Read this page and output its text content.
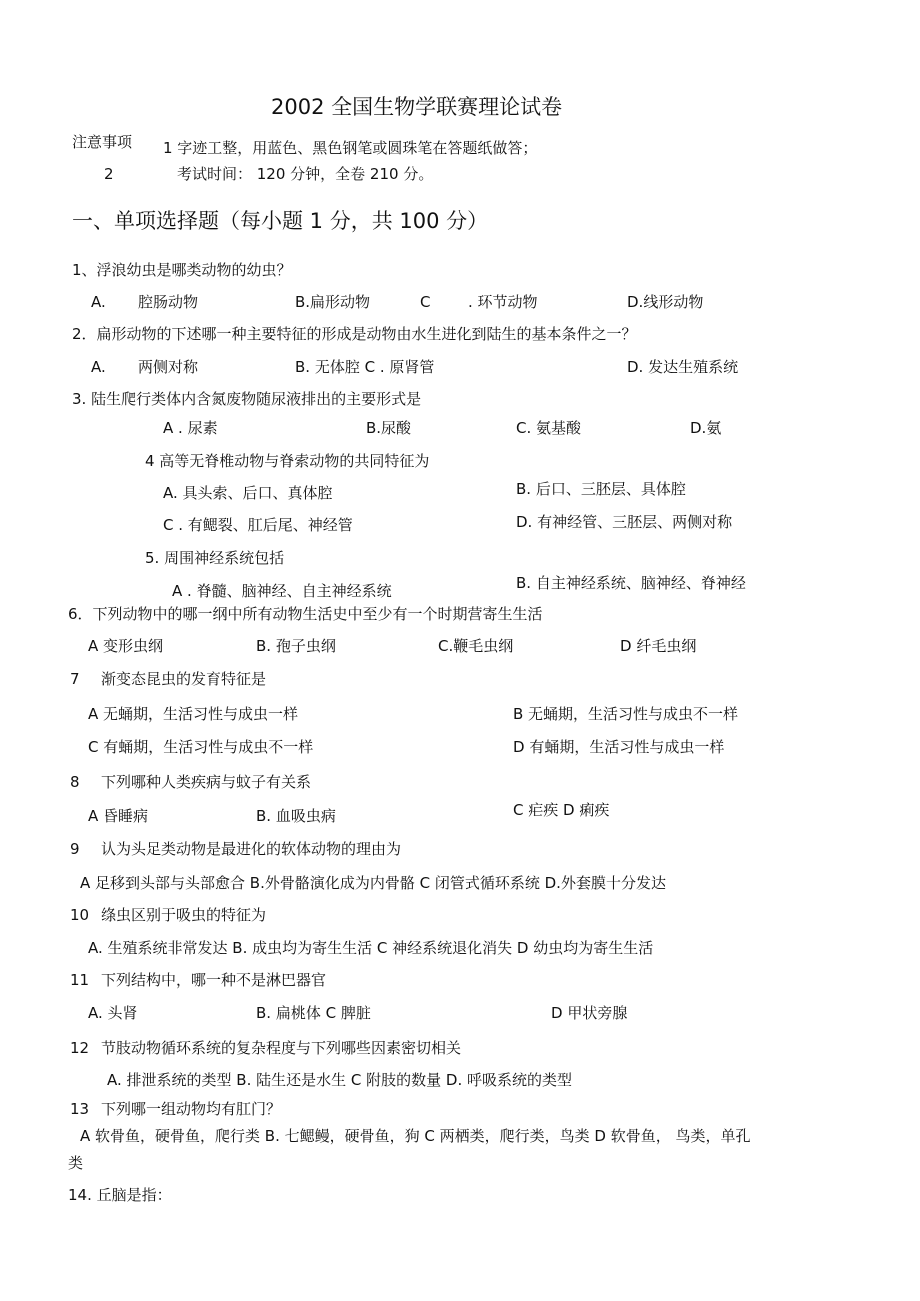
2002 全国生物学联赛理论试卷
注意事项 1 字迹工整，用蓝色、黑色钢笔或圆珠笔在答题纸做答；
2	考试时间： 120 分钟，全卷 210 分。
一、单项选择题（每小题 1 分，共 100 分）
1、浮浪幼虫是哪类动物的幼虫？
A. 腔肠动物	B.扁形动物	C	. 环节动物	D.线形动物
2．扁形动物的下述哪一种主要特征的形成是动物由水生进化到陆生的基本条件之一？
A. 两侧对称	B. 无体腔 C . 原肾管	D. 发达生殖系统
3. 陆生爬行类体内含氮废物随尿液排出的主要形式是
A . 尿素	B.尿酸	C. 氨基酸	D.氨
4 高等无脊椎动物与脊索动物的共同特征为
A. 具头索、后口、真体腔	B. 后口、三胚层、具体腔
C . 有鳃裂、肛后尾、神经管	D. 有神经管、三胚层、两侧对称
5. 周围神经系统包括
A . 脊髓、脑神经、自主神经系统	B. 自主神经系统、脑神经、脊神经
6．下列动物中的哪一纲中所有动物生活史中至少有一个时期营寄生生活
A 变形虫纲	B. 孢子虫纲	C.鞭毛虫纲	D 纤毛虫纲
7 渐变态昆虫的发育特征是
A 无蛹期，生活习性与成虫一样	B 无蛹期，生活习性与成虫不一样
C 有蛹期，生活习性与成虫不一样	D 有蛹期，生活习性与成虫一样
8 下列哪种人类疾病与蚊子有关系
A 昏睡病	B. 血吸虫病	C 疟疾 D 痢疾
9 认为头足类动物是最进化的软体动物的理由为
A 足移到头部与头部愈合 B.外骨骼演化成为内骨骼 C 闭管式循环系统 D.外套膜十分发达
10 绦虫区别于吸虫的特征为
A. 生殖系统非常发达 B. 成虫均为寄生生活 C 神经系统退化消失 D 幼虫均为寄生生活
11 下列结构中，哪一种不是淋巴器官
A. 头肾	B. 扁桃体 C 脾脏	D 甲状旁腺
12 节肢动物循环系统的复杂程度与下列哪些因素密切相关
A. 排泄系统的类型 B. 陆生还是水生 C 附肢的数量 D. 呼吸系统的类型
13 下列哪一组动物均有肛门？
A 软骨鱼，硬骨鱼，爬行类 B. 七鳃鳗，硬骨鱼，狗 C 两栖类，爬行类，鸟类 D 软骨鱼， 鸟类，单孔
类
14. 丘脑是指：
